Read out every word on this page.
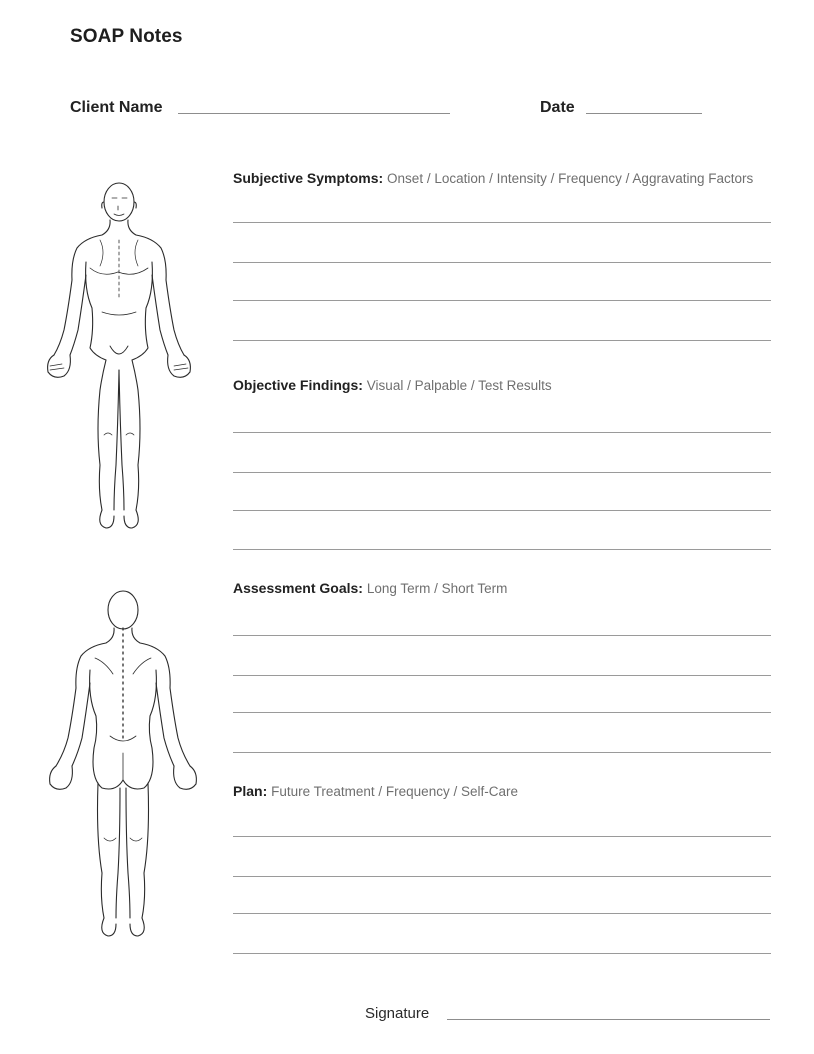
SOAP Notes
Client Name	Date
Subjective Symptoms: Onset / Location / Intensity / Frequency / Aggravating Factors
Objective Findings: Visual / Palpable / Test Results
Assessment Goals: Long Term / Short Term
Plan: Future Treatment / Frequency / Self-Care
Signature
